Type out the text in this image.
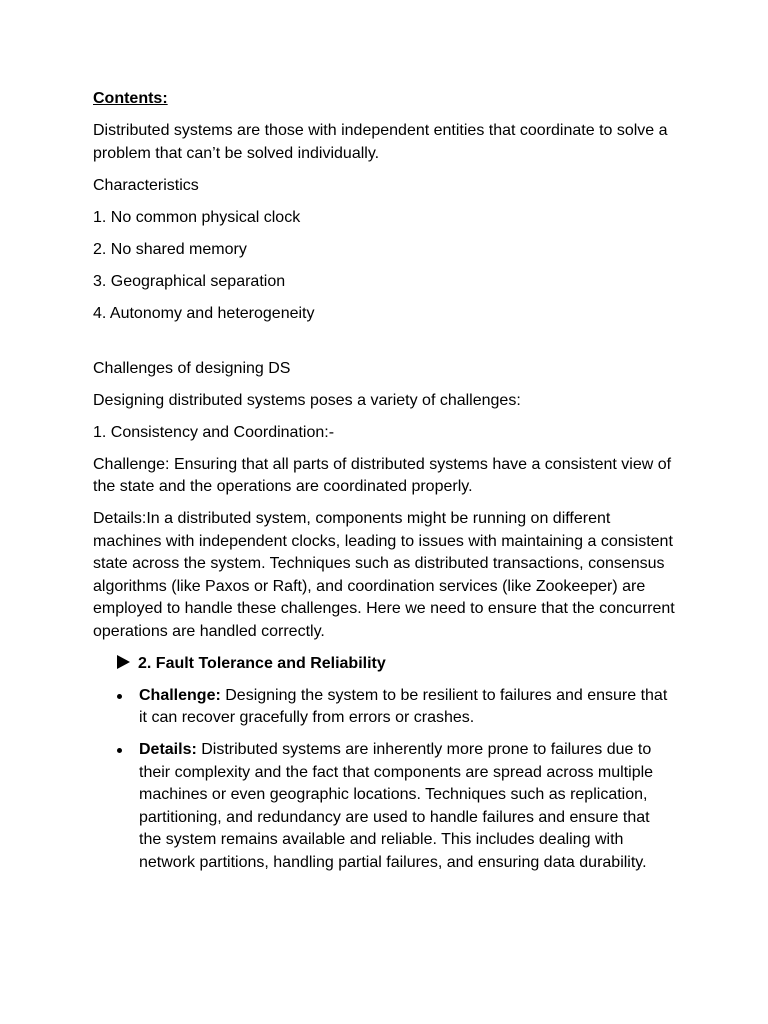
Contents:

Distributed systems are those with independent entities that coordinate to solve a problem that can’t be solved individually.

Characteristics

1. No common physical clock

2. No shared memory

3. Geographical separation

4. Autonomy and heterogeneity

Challenges of designing DS

Designing distributed systems poses a variety of challenges:

1. Consistency and Coordination:-

Challenge: Ensuring that all parts of distributed systems have a consistent view of the state and the operations are coordinated properly.

Details:In a distributed system, components might be running on different machines with independent clocks, leading to issues with maintaining a consistent state across the system. Techniques such as distributed transactions, consensus algorithms (like Paxos or Raft), and coordination services (like Zookeeper) are employed to handle these challenges. Here we need to ensure that the concurrent operations are handled correctly.

2. Fault Tolerance and Reliability
Challenge: Designing the system to be resilient to failures and ensure that it can recover gracefully from errors or crashes.
Details: Distributed systems are inherently more prone to failures due to their complexity and the fact that components are spread across multiple machines or even geographic locations. Techniques such as replication, partitioning, and redundancy are used to handle failures and ensure that the system remains available and reliable. This includes dealing with network partitions, handling partial failures, and ensuring data durability.
